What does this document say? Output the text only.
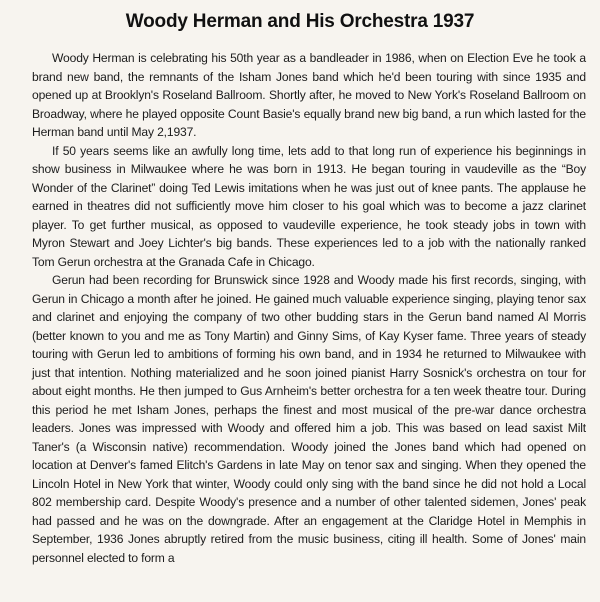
Woody Herman and His Orchestra 1937

Woody Herman is celebrating his 50th year as a bandleader in 1986, when on Election Eve he took a brand new band, the remnants of the Isham Jones band which he'd been touring with since 1935 and opened up at Brooklyn's Roseland Ballroom. Shortly after, he moved to New York's Roseland Ballroom on Broadway, where he played opposite Count Basie's equally brand new big band, a run which lasted for the Herman band until May 2,1937.

If 50 years seems like an awfully long time, lets add to that long run of experience his beginnings in show business in Milwaukee where he was born in 1913. He began touring in vaudeville as the “Boy Wonder of the Clarinet” doing Ted Lewis imitations when he was just out of knee pants. The applause he earned in theatres did not sufficiently move him closer to his goal which was to become a jazz clarinet player. To get further musical, as opposed to vaudeville experience, he took steady jobs in town with Myron Stewart and Joey Lichter's big bands. These experiences led to a job with the nationally ranked Tom Gerun orchestra at the Granada Cafe in Chicago.

Gerun had been recording for Brunswick since 1928 and Woody made his first records, singing, with Gerun in Chicago a month after he joined. He gained much valuable experience singing, playing tenor sax and clarinet and enjoying the company of two other budding stars in the Gerun band named Al Morris (better known to you and me as Tony Martin) and Ginny Sims, of Kay Kyser fame. Three years of steady touring with Gerun led to ambitions of forming his own band, and in 1934 he returned to Milwaukee with just that intention. Nothing materialized and he soon joined pianist Harry Sosnick's orchestra on tour for about eight months. He then jumped to Gus Arnheim's better orchestra for a ten week theatre tour. During this period he met Isham Jones, perhaps the finest and most musical of the pre-war dance orchestra leaders. Jones was impressed with Woody and offered him a job. This was based on lead saxist Milt Taner's (a Wisconsin native) recommendation. Woody joined the Jones band which had opened on location at Denver's famed Elitch's Gardens in late May on tenor sax and singing. When they opened the Lincoln Hotel in New York that winter, Woody could only sing with the band since he did not hold a Local 802 membership card. Despite Woody's presence and a number of other talented sidemen, Jones' peak had passed and he was on the downgrade. After an engagement at the Claridge Hotel in Memphis in September, 1936 Jones abruptly retired from the music business, citing ill health. Some of Jones' main personnel elected to form a
